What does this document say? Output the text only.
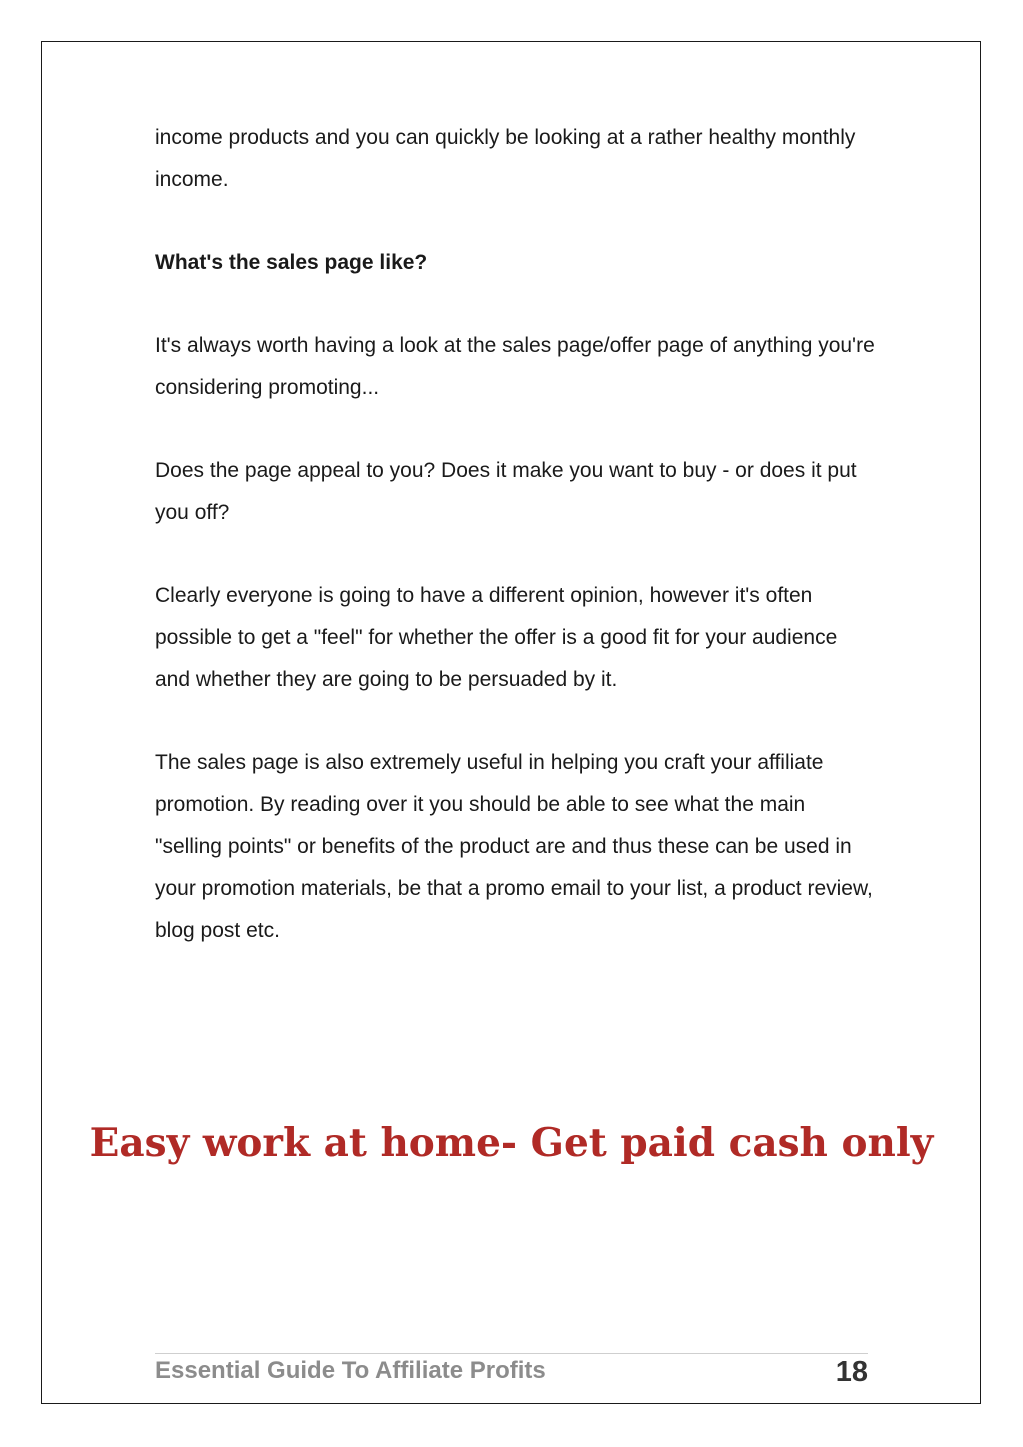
income products and you can quickly be looking at a rather healthy monthly income.

What's the sales page like?

It's always worth having a look at the sales page/offer page of anything you're considering promoting...

Does the page appeal to you? Does it make you want to buy - or does it put you off?

Clearly everyone is going to have a different opinion, however it's often possible to get a "feel" for whether the offer is a good fit for your audience and whether they are going to be persuaded by it.

The sales page is also extremely useful in helping you craft your affiliate promotion. By reading over it you should be able to see what the main "selling points" or benefits of the product are and thus these can be used in your promotion materials, be that a promo email to your list, a product review, blog post etc.

Easy work at home- Get paid cash only
Essential Guide To Affiliate Profits	18
